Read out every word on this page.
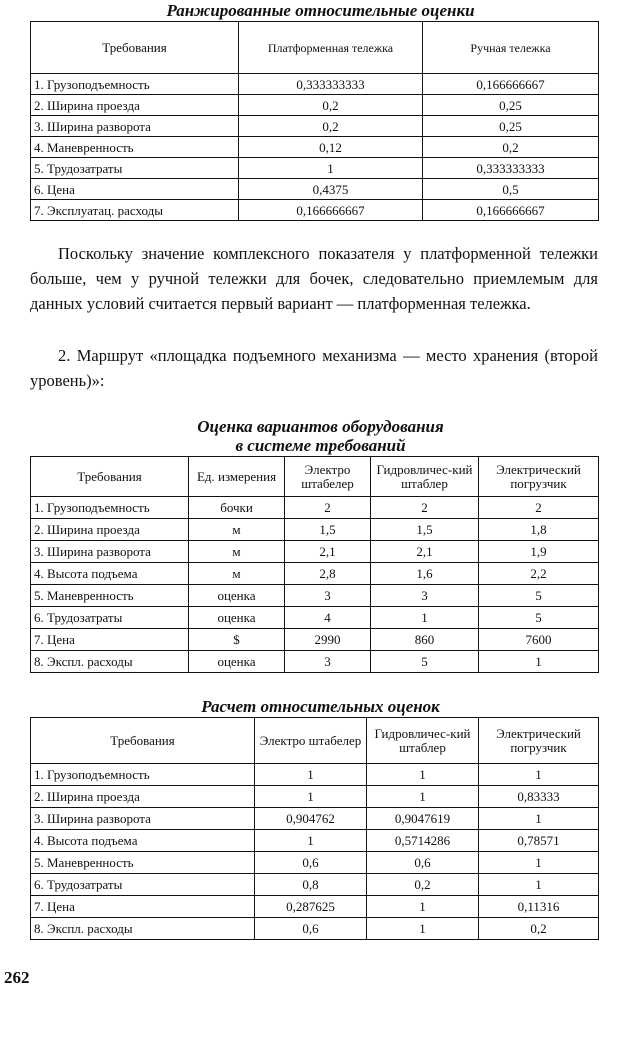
Ранжированные относительные оценки
Требования	Платформенная тележка	Ручная тележка
1. Грузоподъемность	0,333333333	0,166666667
2. Ширина проезда	0,2	0,25
3. Ширина разворота	0,2	0,25
4. Маневренность	0,12	0,2
5. Трудозатраты	1	0,333333333
6. Цена	0,4375	0,5
7. Эксплуатац. расходы	0,166666667	0,166666667

Поскольку значение комплексного показателя у платформенной тележки больше, чем у ручной тележки для бочек, следовательно приемлемым для данных условий считается первый вариант — платформенная тележка.

2. Маршрут «площадка подъемного механизма — место хранения (второй уровень)»:

Оценка вариантов оборудования
в системе требований
Требования	Ед. измерения	Электро штабелер	Гидровличес-кий штаблер	Электрический погрузчик
1. Грузоподъемность	бочки	2	2	2
2. Ширина проезда	м	1,5	1,5	1,8
3. Ширина разворота	м	2,1	2,1	1,9
4. Высота подъема	м	2,8	1,6	2,2
5. Маневренность	оценка	3	3	5
6. Трудозатраты	оценка	4	1	5
7. Цена	$	2990	860	7600
8. Экспл. расходы	оценка	3	5	1
Расчет относительных оценок
Требования	Электро штабелер	Гидровличес-кий штаблер	Электрический погрузчик
1. Грузоподъемность	1	1	1
2. Ширина проезда	1	1	0,83333
3. Ширина разворота	0,904762	0,9047619	1
4. Высота подъема	1	0,5714286	0,78571
5. Маневренность	0,6	0,6	1
6. Трудозатраты	0,8	0,2	1
7. Цена	0,287625	1	0,11316
8. Экспл. расходы	0,6	1	0,2
262
